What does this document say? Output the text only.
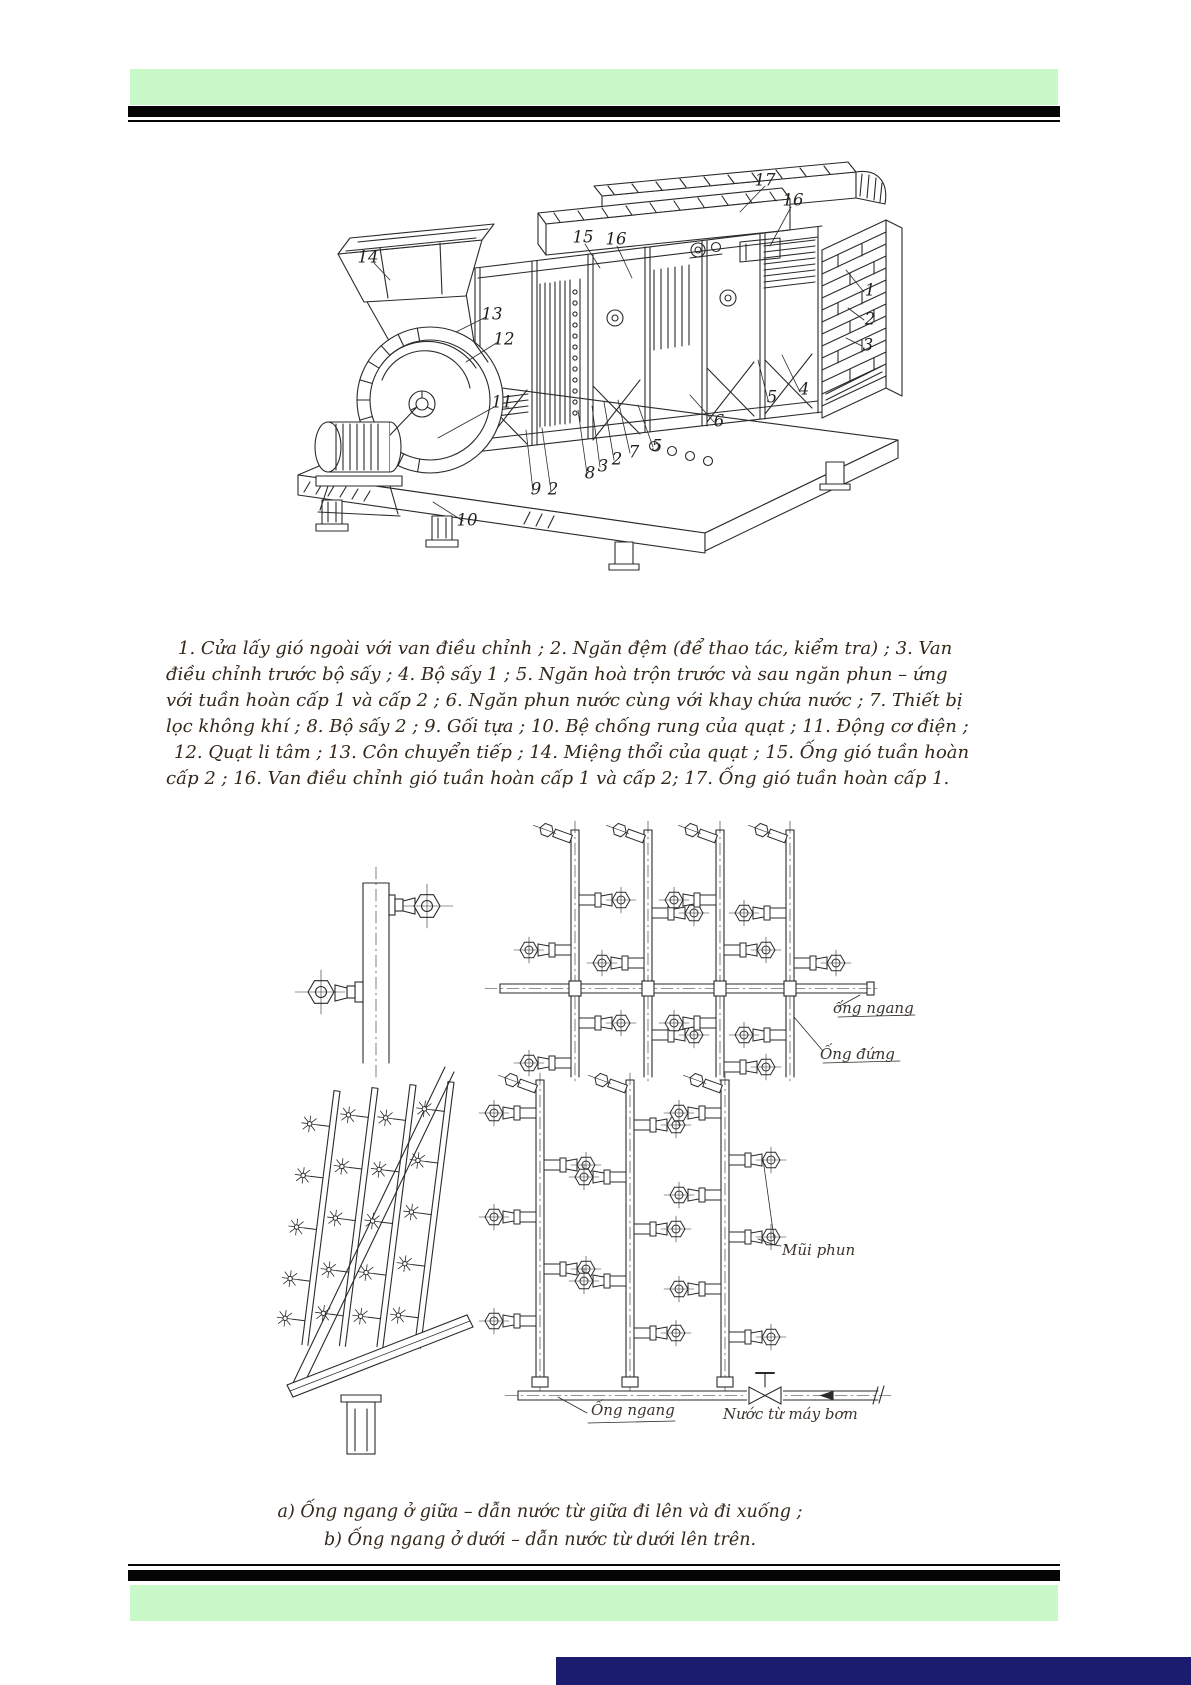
17
16
15 16
14
13
12
11
1
2
3
4
5
6
5
7
2
3
8
2
9
10
1. Cửa lấy gió ngoài với van điều chỉnh ; 2. Ngăn đệm (để thao tác, kiểm tra) ; 3. Van
điều chỉnh trước bộ sấy ; 4. Bộ sấy 1 ; 5. Ngăn hoà trộn trước và sau ngăn phun – ứng
với tuần hoàn cấp 1 và cấp 2 ; 6. Ngăn phun nước cùng với khay chứa nước ; 7. Thiết bị
lọc không khí ; 8. Bộ sấy 2 ; 9. Gối tựa ; 10. Bệ chống rung của quạt ; 11. Động cơ điện ;
12. Quạt li tâm ; 13. Côn chuyển tiếp ; 14. Miệng thổi của quạt ; 15. Ống gió tuần hoàn
cấp 2 ; 16. Van điều chỉnh gió tuần hoàn cấp 1 và cấp 2; 17. Ống gió tuần hoàn cấp 1.
ống ngang
Ống đứng
Mũi phun
Ống ngang	Nước từ máy bơm
a) Ống ngang ở giữa – dẫn nước từ giữa đi lên và đi xuống ;
b) Ống ngang ở dưới – dẫn nước từ dưới lên trên.
